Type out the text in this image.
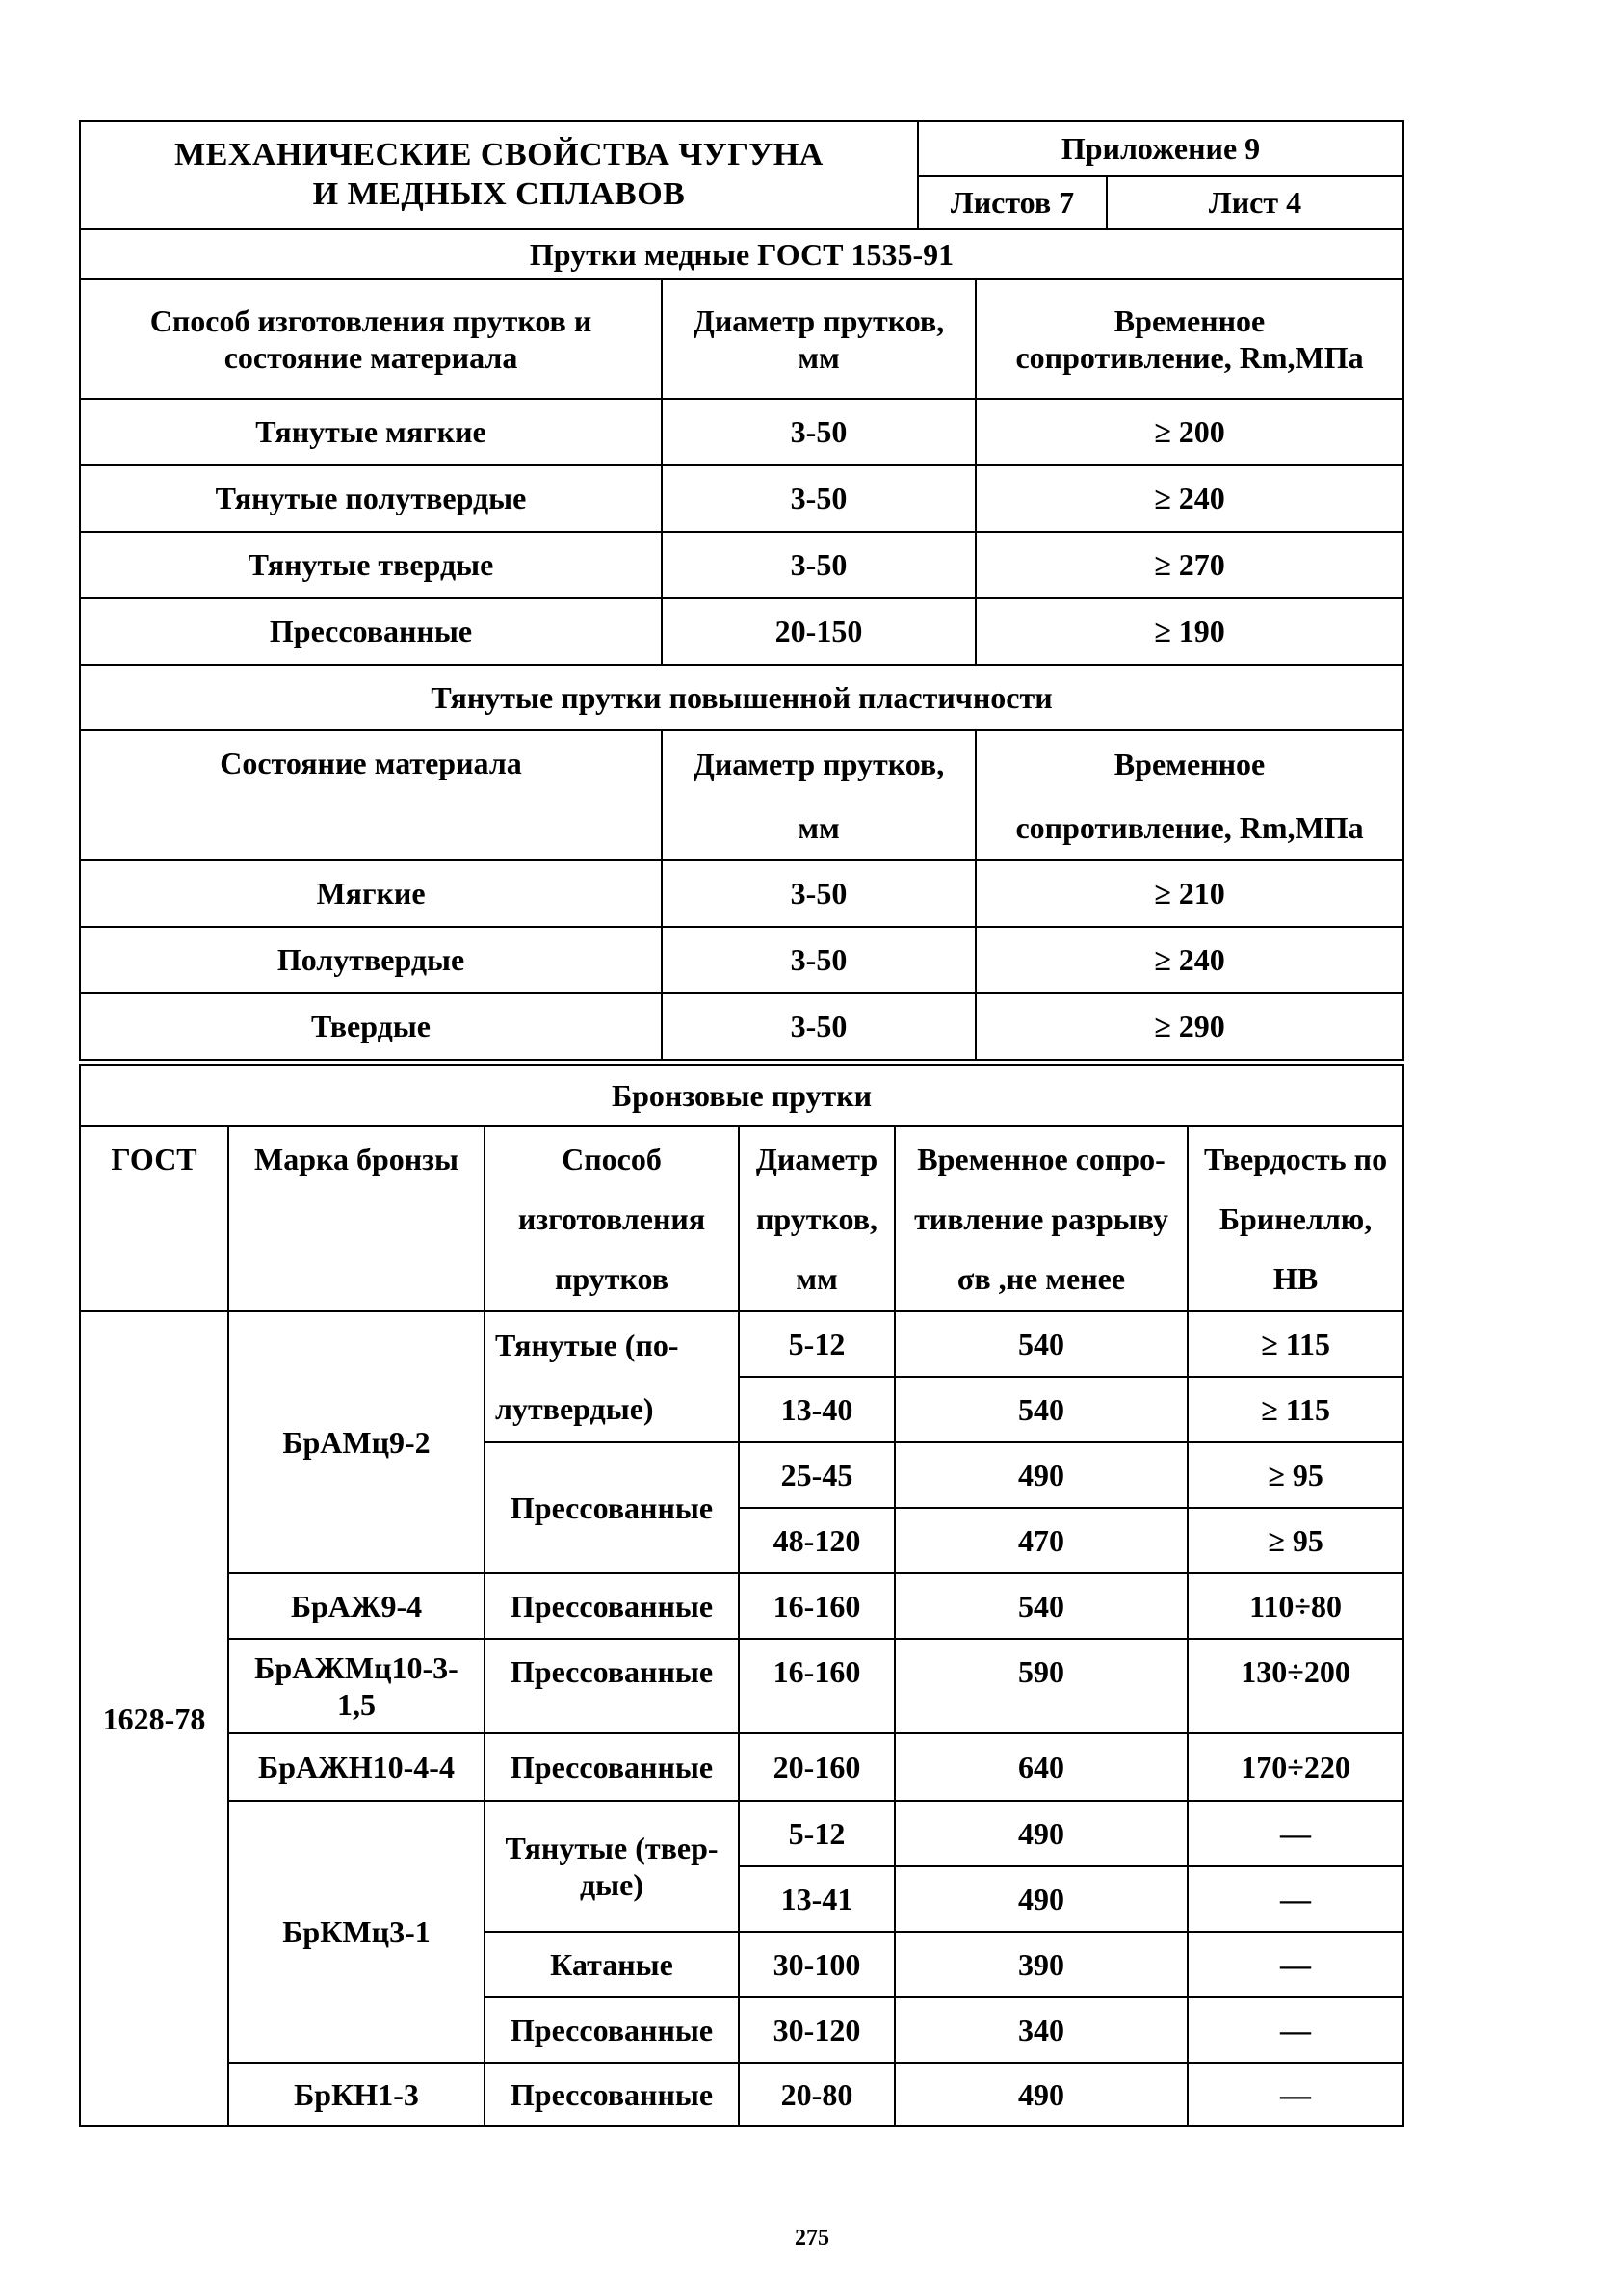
МЕХАНИЧЕСКИЕ СВОЙСТВА ЧУГУНА
И МЕДНЫХ СПЛАВОВ	Приложение 9	
	Листов 7	Лист 4
Прутки медные ГОСТ 1535-91		
Способ изготовления прутков и состояние материала	Диаметр прутков, мм	Временное сопротивление, Rm,МПа
Тянутые мягкие	3-50	≥ 200
Тянутые полутвердые	3-50	≥ 240
Тянутые твердые	3-50	≥ 270
Прессованные	20-150	≥ 190
Тянутые прутки повышенной пластичности		
Состояние материала	Диаметр прутков, мм	Временное сопротивление, Rm,МПа
Мягкие	3-50	≥ 210
Полутвердые	3-50	≥ 240
Твердые	3-50	≥ 290
Бронзовые прутки					
ГОСТ	Марка бронзы	Способ изготовления прутков	Диаметр прутков, мм	Временное сопро-тивление разрыву σв ,не менее	Твердость по Бринеллю, НВ
1628-78	БрАМц9-2	Тянутые (по-лутвердые)	5-12	540	≥ 115
			13-40	540	≥ 115
		Прессованные	25-45	490	≥ 95
			48-120	470	≥ 95
	БрАЖ9-4	Прессованные	16-160	540	110÷80
	БрАЖМц10-3-1,5	Прессованные	16-160	590	130÷200
	БрАЖН10-4-4	Прессованные	20-160	640	170÷220
	БрКМц3-1	Тянутые (твер-дые)	5-12	490	—
			13-41	490	—
		Катаные	30-100	390	—
		Прессованные	30-120	340	—
	БрКН1-3	Прессованные	20-80	490	—
275
